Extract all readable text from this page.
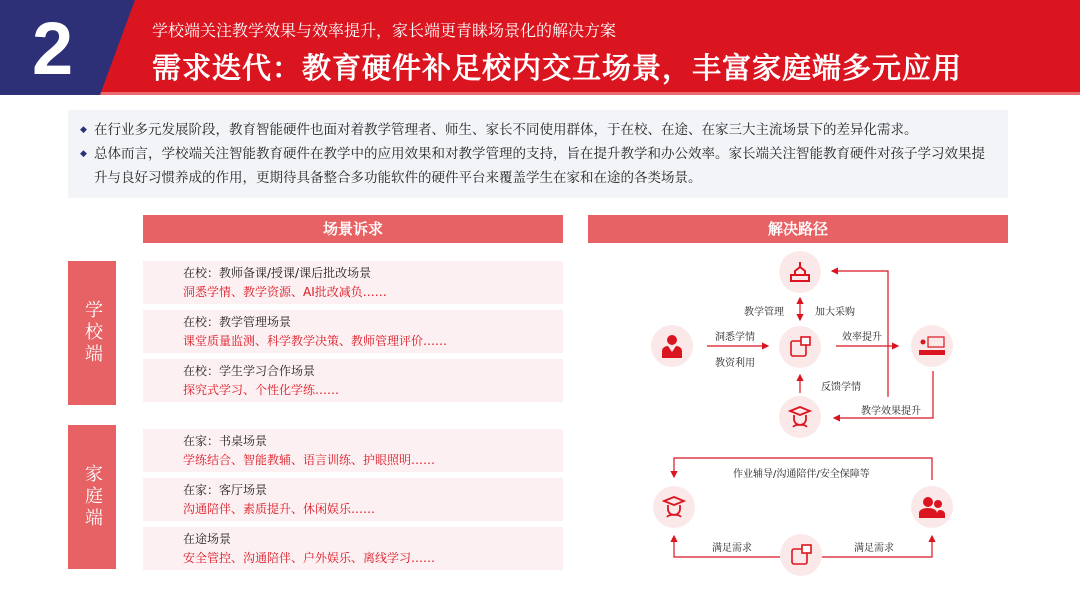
2	学校端关注教学效果与效率提升，家长端更青睐场景化的解决方案
需求迭代：教育硬件补足校内交互场景，丰富家庭端多元应用

◆ 在行业多元发展阶段，教育智能硬件也面对着教学管理者、师生、家长不同使用群体，于在校、在途、在家三大主流场景下的差异化需求。

◆ 总体而言，学校端关注智能教育硬件在教学中的应用效果和对教学管理的支持，旨在提升教学和办公效率。家长端关注智能教育硬件对孩子学习效果提升与良好习惯养成的作用，更期待具备整合多功能软件的硬件平台来覆盖学生在家和在途的各类场景。

场景诉求	解决路径
学校端
家庭端
在校：教师备课/授课/课后批改场景
洞悉学情、教学资源、AI批改减负……
在校：教学管理场景
课堂质量监测、科学教学决策、教师管理评价……
在校：学生学习合作场景
探究式学习、个性化学练……
在家：书桌场景
学练结合、智能教辅、语言训练、护眼照明……
在家：客厅场景
沟通陪伴、素质提升、休闲娱乐……
在途场景
安全管控、沟通陪伴、户外娱乐、离线学习……
教学管理	加大采购
洞悉学情
教资利用
效率提升
反馈学情
教学效果提升
作业辅导/沟通陪伴/安全保障等
满足需求	满足需求
